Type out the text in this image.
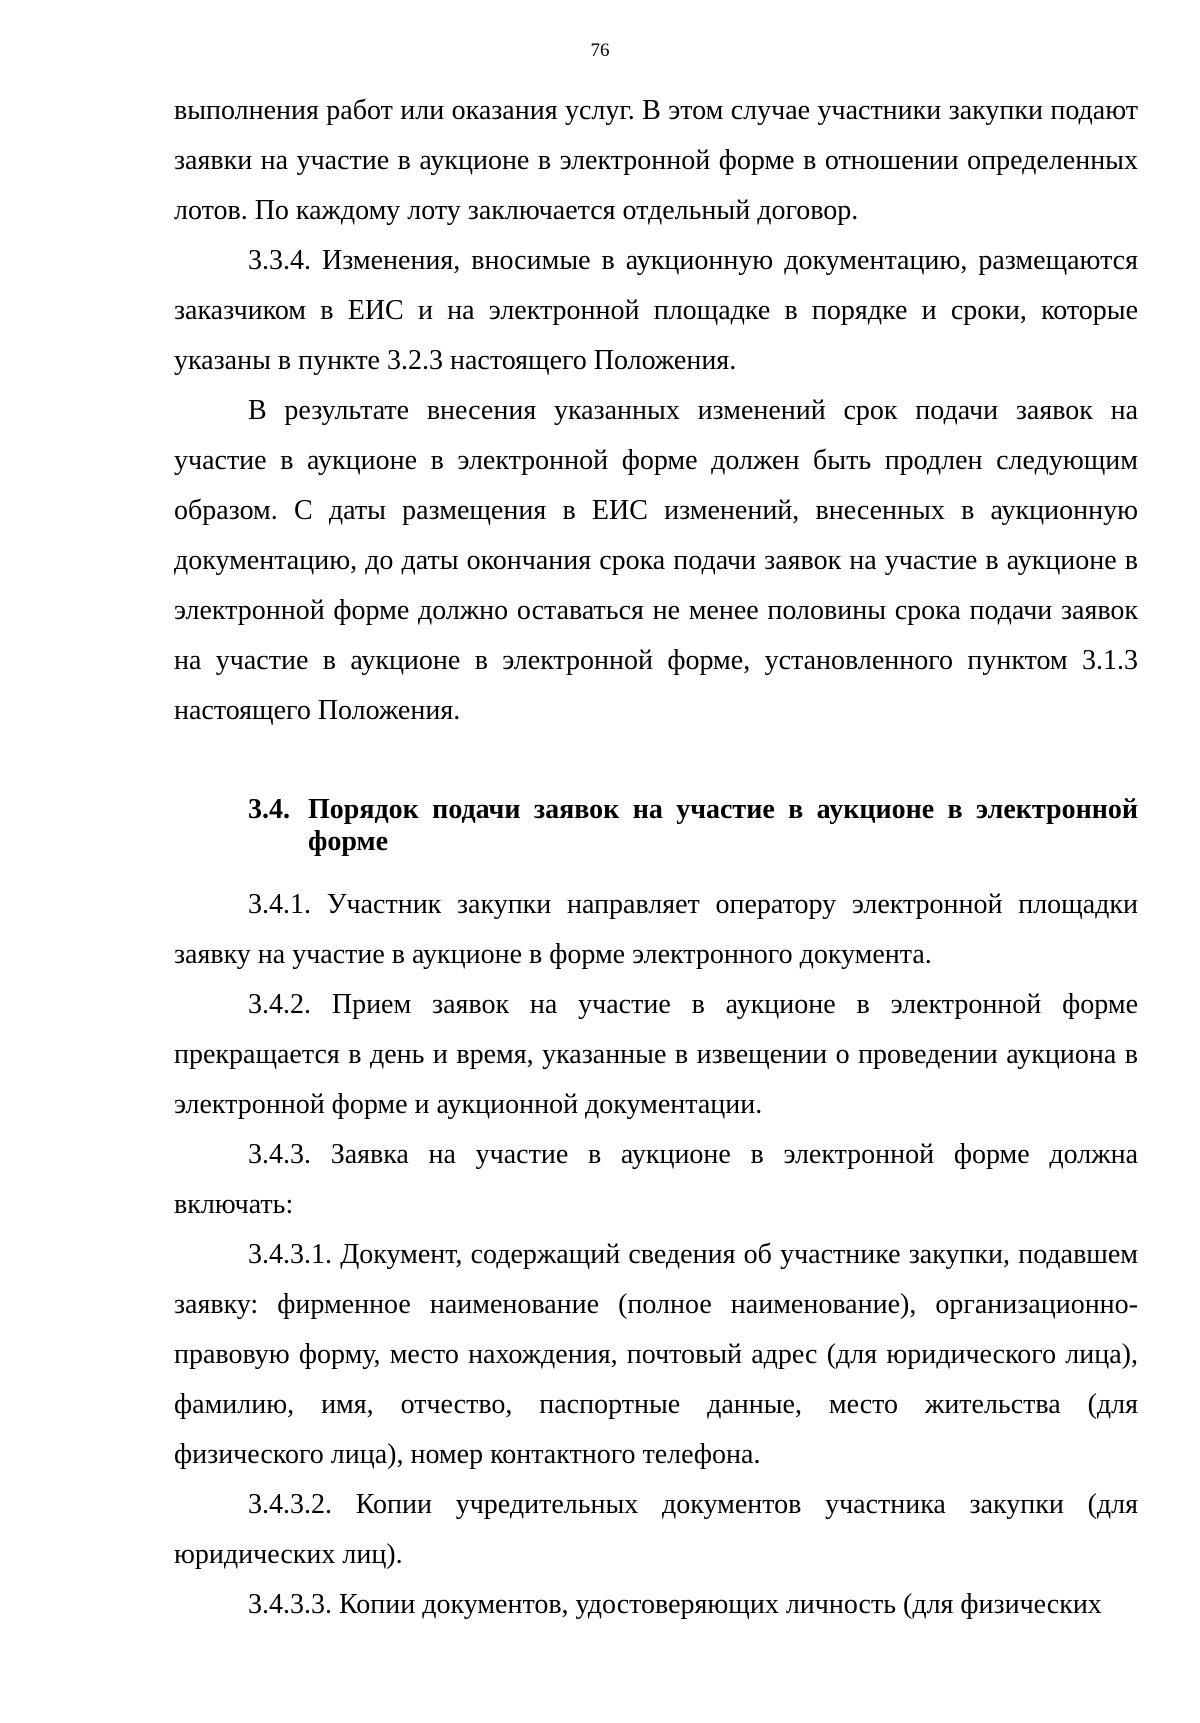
76

выполнения работ или оказания услуг. В этом случае участники закупки подают заявки на участие в аукционе в электронной форме в отношении определенных лотов. По каждому лоту заключается отдельный договор.

3.3.4. Изменения, вносимые в аукционную документацию, размещаются заказчиком в ЕИС и на электронной площадке в порядке и сроки, которые указаны в пункте 3.2.3 настоящего Положения.

В результате внесения указанных изменений срок подачи заявок на участие в аукционе в электронной форме должен быть продлен следующим образом. С даты размещения в ЕИС изменений, внесенных в аукционную документацию, до даты окончания срока подачи заявок на участие в аукционе в электронной форме должно оставаться не менее половины срока подачи заявок на участие в аукционе в электронной форме, установленного пунктом 3.1.3 настоящего Положения.

3.4. Порядок подачи заявок на участие в аукционе в электронной форме

3.4.1. Участник закупки направляет оператору электронной площадки заявку на участие в аукционе в форме электронного документа.

3.4.2. Прием заявок на участие в аукционе в электронной форме прекращается в день и время, указанные в извещении о проведении аукциона в электронной форме и аукционной документации.

3.4.3. Заявка на участие в аукционе в электронной форме должна включать:

3.4.3.1. Документ, содержащий сведения об участнике закупки, подавшем заявку: фирменное наименование (полное наименование), организационно-правовую форму, место нахождения, почтовый адрес (для юридического лица), фамилию, имя, отчество, паспортные данные, место жительства (для физического лица), номер контактного телефона.

3.4.3.2. Копии учредительных документов участника закупки (для юридических лиц).

3.4.3.3. Копии документов, удостоверяющих личность (для физических
